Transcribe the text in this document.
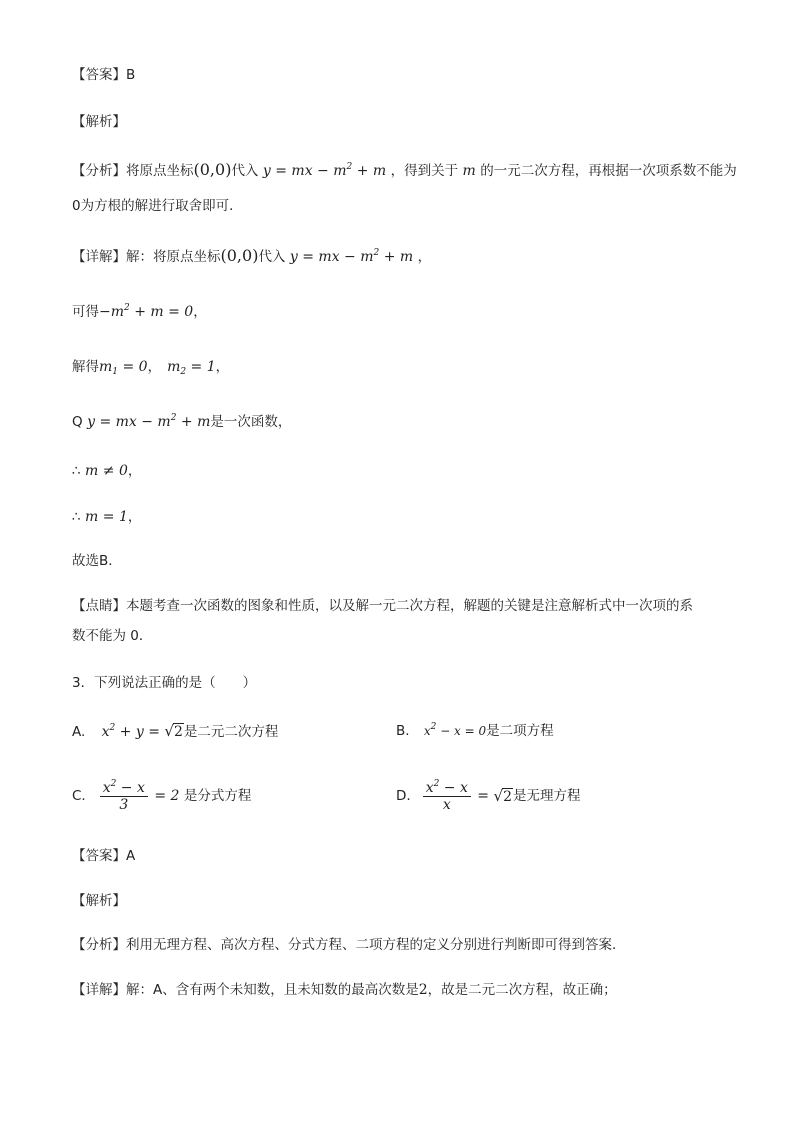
【答案】B
【解析】
【分析】将原点坐标(0,0)代入 y = mx − $m^2 + m$ ，得到关于 m 的一元二次方程，再根据一次项系数不能为
0为方根的解进行取舍即可．
【详解】解：将原点坐标(0,0)代入 y = mx − $m^2 + m$ ，
可得$-m^2 + m = 0$，
解得$m_1 = 0$， $m_2 = 1$，
Q y = mx − $m^2 + m$是一次函数，
∴ m ≠ 0，
∴ m = 1，
故选B．
【点睛】本题考查一次函数的图象和性质，以及解一元二次方程，解题的关键是注意解析式中一次项的系
数不能为 0．
3．下列说法正确的是（　　）
A. $x^2 + y = √2$是二元二次方程	B. $x^2 - x = 0$是二项方程
C. $\frac{x^2 - x}{3} = 2$ 是分式方程	D. $\frac{x^2 - x}{x}$ = √ 2 是无理方程
【答案】A
【解析】
【分析】利用无理方程、高次方程、分式方程、二项方程的定义分别进行判断即可得到答案．
【详解】解：A、含有两个未知数，且未知数的最高次数是2，故是二元二次方程，故正确；
